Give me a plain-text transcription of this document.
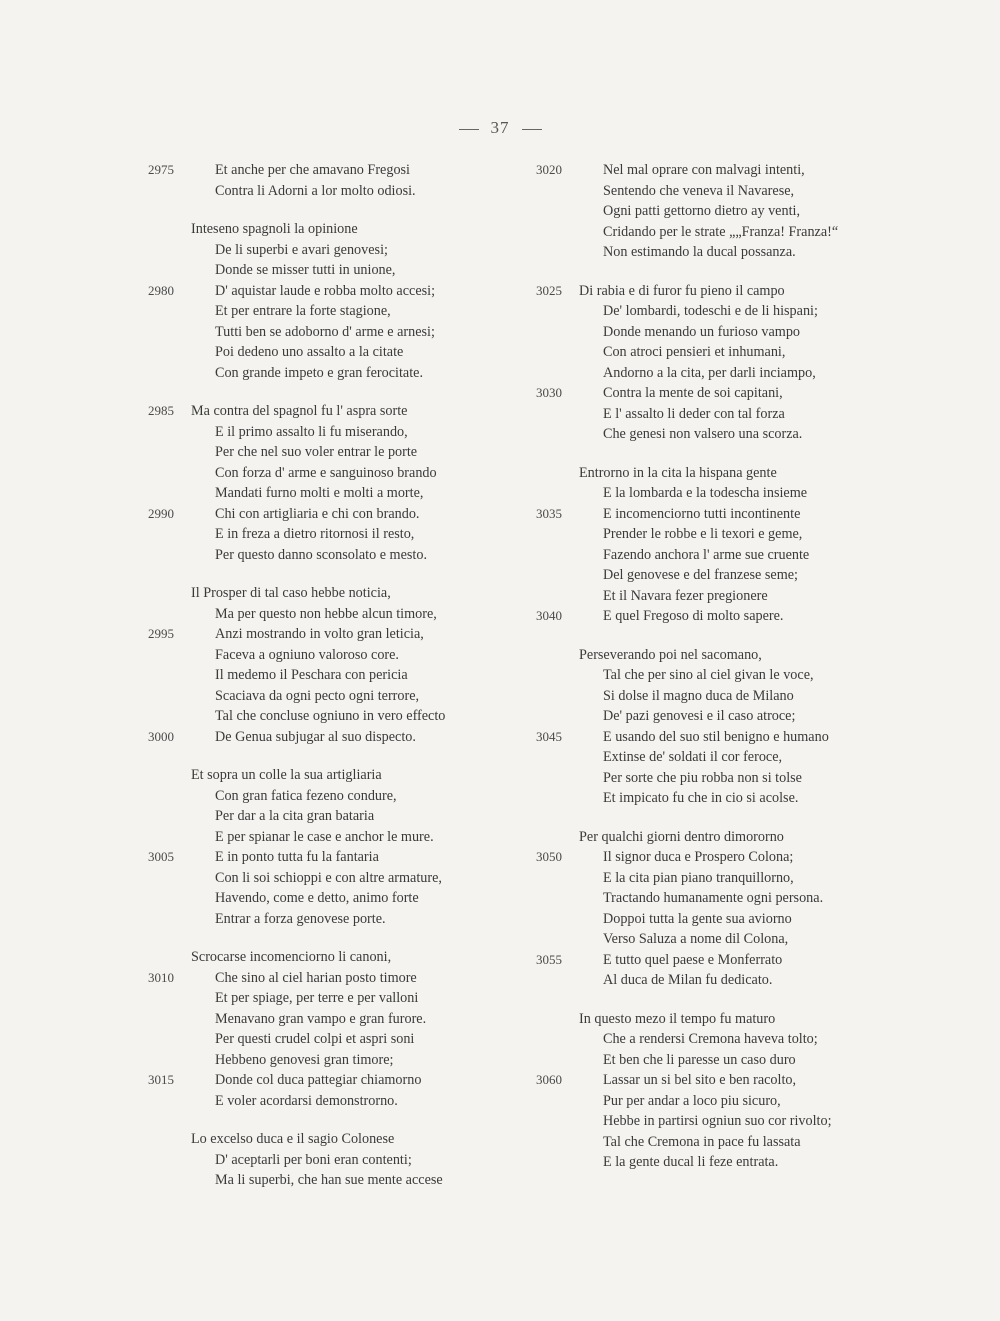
37
2975	Et anche per che amavano Fregosi
Contra li Adorni a lor molto odiosi.
Inteseno spagnoli la opinione
De li superbi e avari genovesi;
Donde se misser tutti in unione,
2980	D' aquistar laude e robba molto accesi;
Et per entrare la forte stagione,
Tutti ben se adoborno d' arme e arnesi;
Poi dedeno uno assalto a la citate
Con grande impeto e gran ferocitate.
2985	Ma contra del spagnol fu l' aspra sorte
E il primo assalto li fu miserando,
Per che nel suo voler entrar le porte
Con forza d' arme e sanguinoso brando
Mandati furno molti e molti a morte,
2990	Chi con artigliaria e chi con brando.
E in freza a dietro ritornosi il resto,
Per questo danno sconsolato e mesto.
Il Prosper di tal caso hebbe noticia,
Ma per questo non hebbe alcun timore,
2995	Anzi mostrando in volto gran leticia,
Faceva a ogniuno valoroso core.
Il medemo il Peschara con pericia
Scaciava da ogni pecto ogni terrore,
Tal che concluse ogniuno in vero effecto
3000	De Genua subjugar al suo dispecto.
Et sopra un colle la sua artigliaria
Con gran fatica fezeno condure,
Per dar a la cita gran bataria
E per spianar le case e anchor le mure.
3005	E in ponto tutta fu la fantaria
Con li soi schioppi e con altre armature,
Havendo, come e detto, animo forte
Entrar a forza genovese porte.
Scrocarse incomenciorno li canoni,
3010	Che sino al ciel harian posto timore
Et per spiage, per terre e per valloni
Menavano gran vampo e gran furore.
Per questi crudel colpi et aspri soni
Hebbeno genovesi gran timore;
3015	Donde col duca pattegiar chiamorno
E voler acordarsi demonstrorno.
Lo excelso duca e il sagio Colonese
D' aceptarli per boni eran contenti;
Ma li superbi, che han sue mente accese
3020	Nel mal oprare con malvagi intenti,
Sentendo che veneva il Navarese,
Ogni patti gettorno dietro ay venti,
Cridando per le strate „„Franza! Franza!“
Non estimando la ducal possanza.
3025	Di rabia e di furor fu pieno il campo
De' lombardi, todeschi e de li hispani;
Donde menando un furioso vampo
Con atroci pensieri et inhumani,
Andorno a la cita, per darli inciampo,
3030	Contra la mente de soi capitani,
E l' assalto li deder con tal forza
Che genesi non valsero una scorza.
Entrorno in la cita la hispana gente
E la lombarda e la todescha insieme
3035	E incomenciorno tutti incontinente
Prender le robbe e li texori e geme,
Fazendo anchora l' arme sue cruente
Del genovese e del franzese seme;
Et il Navara fezer pregionere
3040	E quel Fregoso di molto sapere.
Perseverando poi nel sacomano,
Tal che per sino al ciel givan le voce,
Si dolse il magno duca de Milano
De' pazi genovesi e il caso atroce;
3045	E usando del suo stil benigno e humano
Extinse de' soldati il cor feroce,
Per sorte che piu robba non si tolse
Et impicato fu che in cio si acolse.
Per qualchi giorni dentro dimororno
3050	Il signor duca e Prospero Colona;
E la cita pian piano tranquillorno,
Tractando humanamente ogni persona.
Doppoi tutta la gente sua aviorno
Verso Saluza a nome dil Colona,
3055	E tutto quel paese e Monferrato
Al duca de Milan fu dedicato.
In questo mezo il tempo fu maturo
Che a rendersi Cremona haveva tolto;
Et ben che li paresse un caso duro
3060	Lassar un si bel sito e ben racolto,
Pur per andar a loco piu sicuro,
Hebbe in partirsi ogniun suo cor rivolto;
Tal che Cremona in pace fu lassata
E la gente ducal li feze entrata.
